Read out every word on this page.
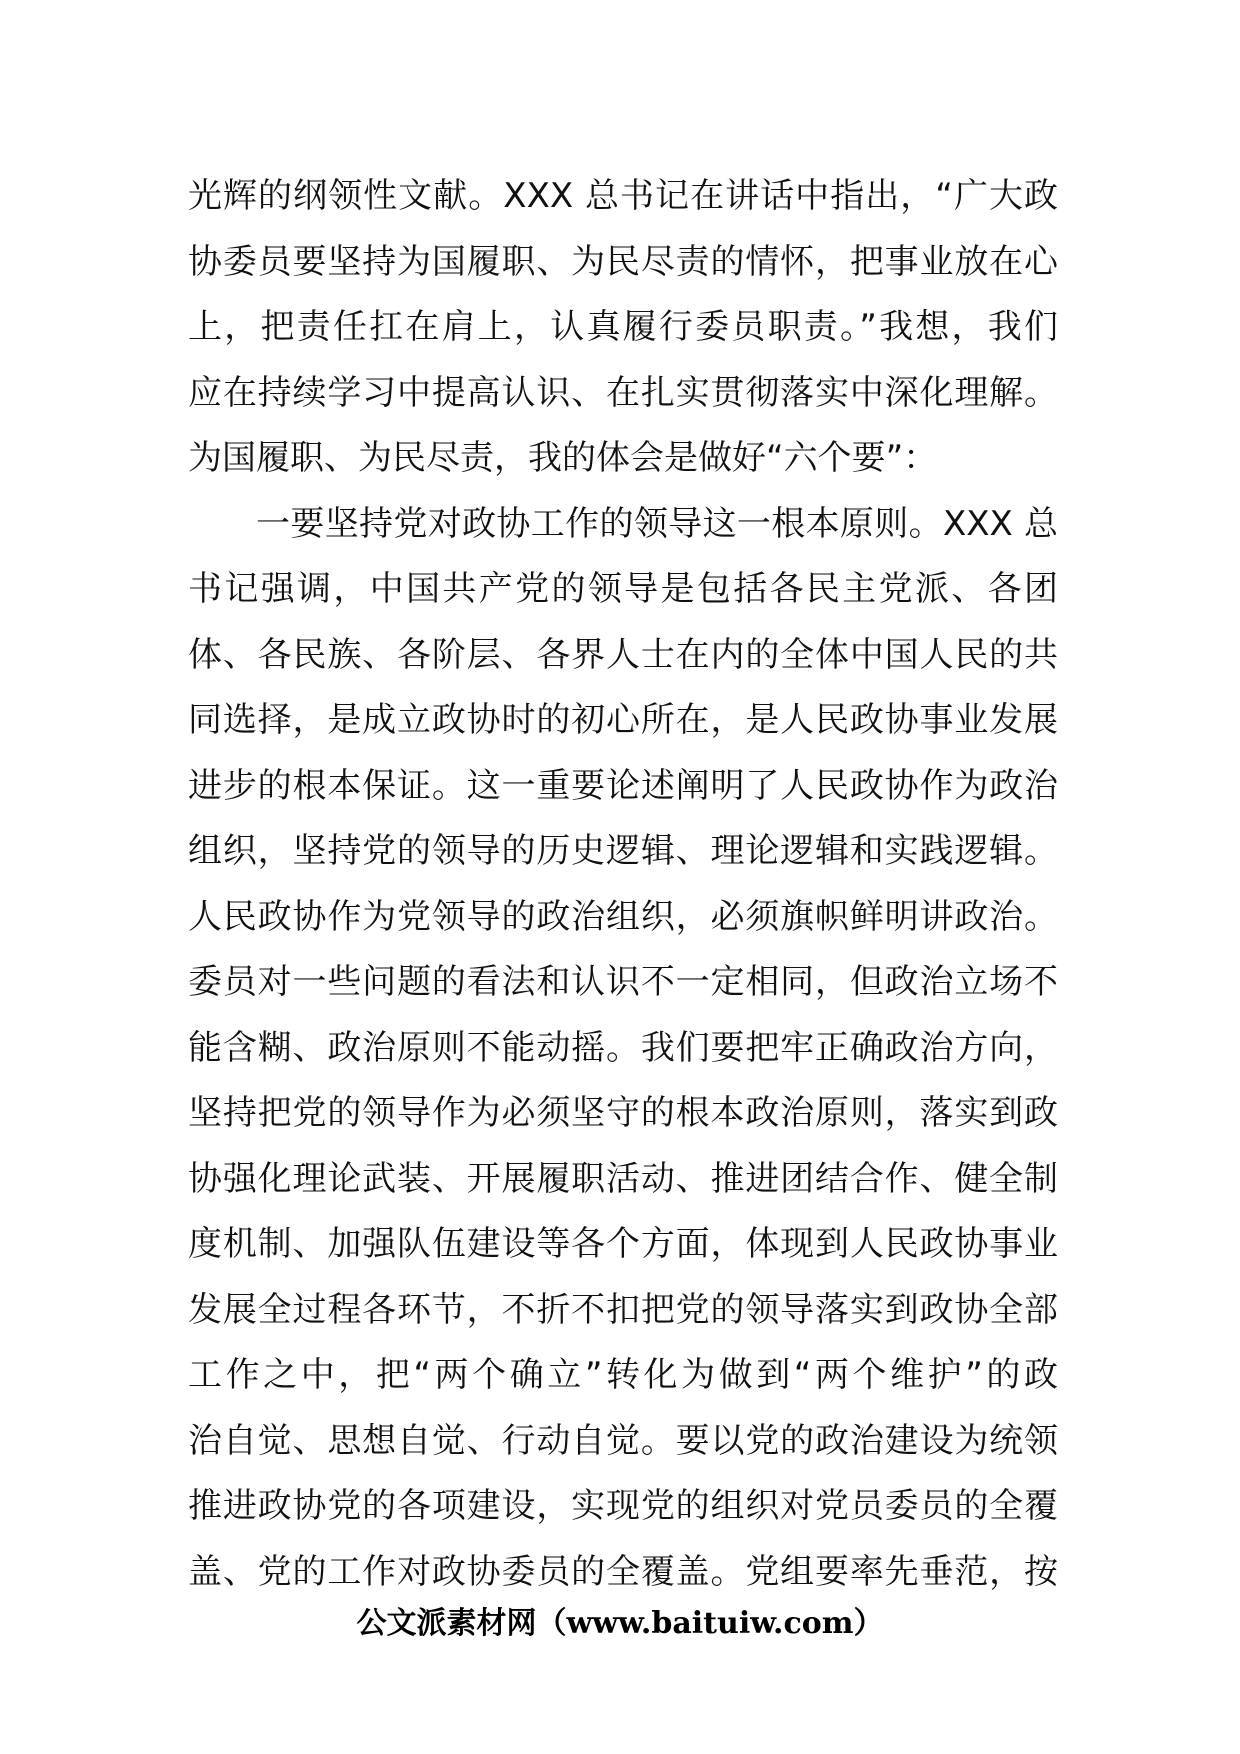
光辉的纲领性文献。XXX 总书记在讲话中指出，“广大政
协委员要坚持为国履职、为民尽责的情怀，把事业放在心
上，把责任扛在肩上，认真履行委员职责。”我想，我们
应在持续学习中提高认识、在扎实贯彻落实中深化理解。
为国履职、为民尽责，我的体会是做好“六个要”：
一要坚持党对政协工作的领导这一根本原则。XXX 总
书记强调，中国共产党的领导是包括各民主党派、各团
体、各民族、各阶层、各界人士在内的全体中国人民的共
同选择，是成立政协时的初心所在，是人民政协事业发展
进步的根本保证。这一重要论述阐明了人民政协作为政治
组织，坚持党的领导的历史逻辑、理论逻辑和实践逻辑。
人民政协作为党领导的政治组织，必须旗帜鲜明讲政治。
委员对一些问题的看法和认识不一定相同，但政治立场不
能含糊、政治原则不能动摇。我们要把牢正确政治方向，
坚持把党的领导作为必须坚守的根本政治原则，落实到政
协强化理论武装、开展履职活动、推进团结合作、健全制
度机制、加强队伍建设等各个方面，体现到人民政协事业
发展全过程各环节，不折不扣把党的领导落实到政协全部
工作之中，把“两个确立”转化为做到“两个维护”的政
治自觉、思想自觉、行动自觉。要以党的政治建设为统领
推进政协党的各项建设，实现党的组织对党员委员的全覆
盖、党的工作对政协委员的全覆盖。党组要率先垂范，按
公文派素材网（www.baituiw.com）
